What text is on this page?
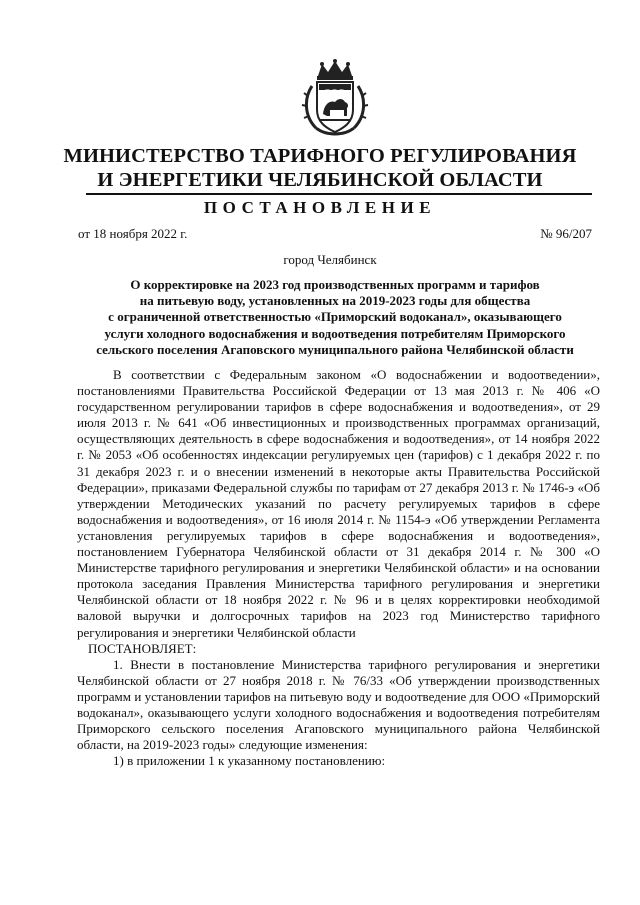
МИНИСТЕРСТВО ТАРИФНОГО РЕГУЛИРОВАНИЯ
И ЭНЕРГЕТИКИ ЧЕЛЯБИНСКОЙ ОБЛАСТИ
ПОСТАНОВЛЕНИЕ
от 18 ноября 2022 г.	№ 96/207
город Челябинск
О корректировке на 2023 год производственных программ и тарифов
на питьевую воду, установленных на 2019-2023 годы для общества
с ограниченной ответственностью «Приморский водоканал», оказывающего
услуги холодного водоснабжения и водоотведения потребителям Приморского
сельского поселения Агаповского муниципального района Челябинской области

В соответствии с Федеральным законом «О водоснабжении и водоотведении», постановлениями Правительства Российской Федерации от 13 мая 2013 г. № 406 «О государственном регулировании тарифов в сфере водоснабжения и водоотведения», от 29 июля 2013 г. № 641 «Об инвестиционных и производственных программах организаций, осуществляющих деятельность в сфере водоснабжения и водоотведения», от 14 ноября 2022 г. № 2053 «Об особенностях индексации регулируемых цен (тарифов) с 1 декабря 2022 г. по 31 декабря 2023 г. и о внесении изменений в некоторые акты Правительства Российской Федерации», приказами Федеральной службы по тарифам от 27 декабря 2013 г. № 1746-э «Об утверждении Методических указаний по расчету регулируемых тарифов в сфере водоснабжения и водоотведения», от 16 июля 2014 г. № 1154-э «Об утверждении Регламента установления регулируемых тарифов в сфере водоснабжения и водоотведения», постановлением Губернатора Челябинской области от 31 декабря 2014 г. № 300 «О Министерстве тарифного регулирования и энергетики Челябинской области» и на основании протокола заседания Правления Министерства тарифного регулирования и энергетики Челябинской области от 18 ноября 2022 г. № 96 и в целях корректировки необходимой валовой выручки и долгосрочных тарифов на 2023 год Министерство тарифного регулирования и энергетики Челябинской области

ПОСТАНОВЛЯЕТ:

1. Внести в постановление Министерства тарифного регулирования и энергетики Челябинской области от 27 ноября 2018 г. № 76/33 «Об утверждении производственных программ и установлении тарифов на питьевую воду и водоотведение для ООО «Приморский водоканал», оказывающего услуги холодного водоснабжения и водоотведения потребителям Приморского сельского поселения Агаповского муниципального района Челябинской области, на 2019-2023 годы» следующие изменения:

1) в приложении 1 к указанному постановлению:
